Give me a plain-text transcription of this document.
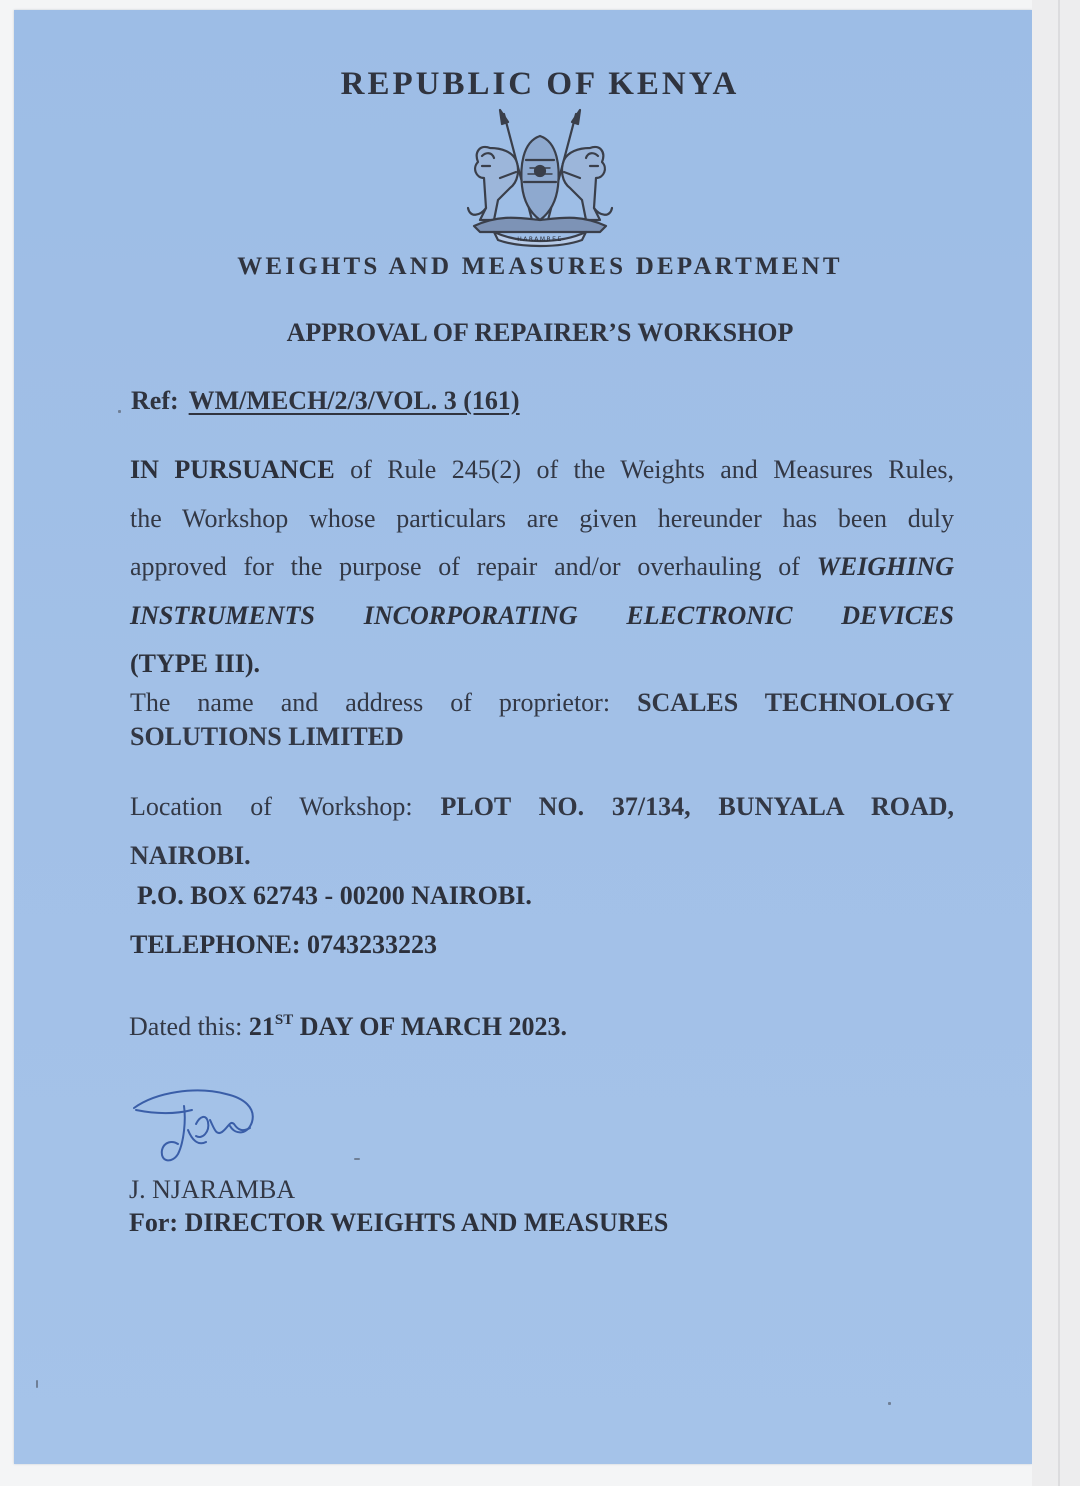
REPUBLIC OF KENYA
HARAMBEE
WEIGHTS AND MEASURES DEPARTMENT
APPROVAL OF REPAIRER’S WORKSHOP
Ref: WM/MECH/2/3/VOL. 3 (161)
IN PURSUANCE of Rule 245(2) of the Weights and Measures Rules,
the Workshop whose particulars are given hereunder has been duly
approved for the purpose of repair and/or overhauling of WEIGHING
INSTRUMENTS INCORPORATING ELECTRONIC DEVICES
(TYPE III).
The name and address of proprietor: SCALES TECHNOLOGY
SOLUTIONS LIMITED
Location of Workshop: PLOT NO. 37/134, BUNYALA ROAD,
NAIROBI.
P.O. BOX 62743 - 00200 NAIROBI.
TELEPHONE: 0743233223
Dated this: 21ST DAY OF MARCH 2023.
J. NJARAMBA
For: DIRECTOR WEIGHTS AND MEASURES
